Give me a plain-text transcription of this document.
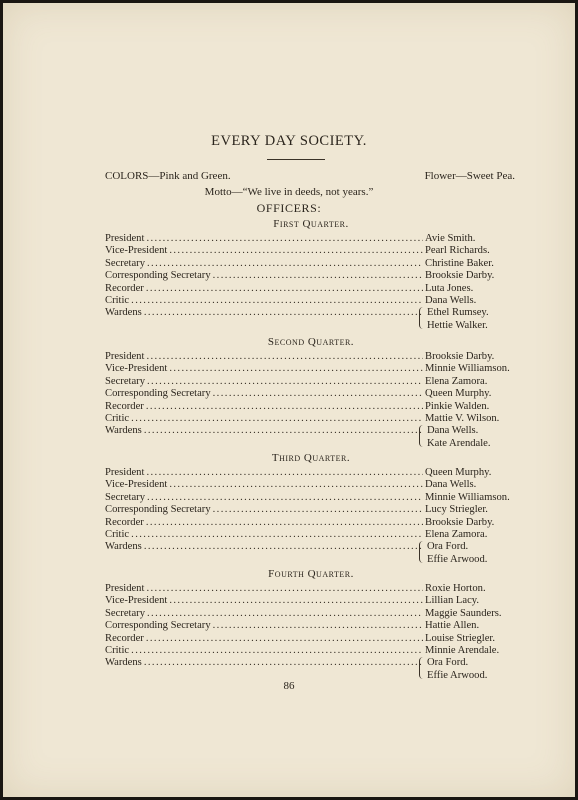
EVERY DAY SOCIETY.
COLORS—Pink and Green.	Flower—Sweet Pea.
Motto—“We live in deeds, not years.”
OFFICERS:
First Quarter.
President .....	Avie Smith.
Vice-President .....	Pearl Richards.
Secretary .....	Christine Baker.
Corresponding Secretary .....	Brooksie Darby.
Recorder .....	Luta Jones.
Critic .....	Dana Wells.
Wardens .....	Ethel Rumsey.
Hettie Walker.
Second Quarter.
President .....	Brooksie Darby.
Vice-President .....	Minnie Williamson.
Secretary .....	Elena Zamora.
Corresponding Secretary .....	Queen Murphy.
Recorder .....	Pinkie Walden.
Critic .....	Mattie V. Wilson.
Wardens .....	Dana Wells.
Kate Arendale.
Third Quarter.
President .....	Queen Murphy.
Vice-President .....	Dana Wells.
Secretary .....	Minnie Williamson.
Corresponding Secretary .....	Lucy Striegler.
Recorder .....	Brooksie Darby.
Critic .....	Elena Zamora.
Wardens .....	Ora Ford.
Effie Arwood.
Fourth Quarter.
President .....	Roxie Horton.
Vice-President .....	Lillian Lacy.
Secretary .....	Maggie Saunders.
Corresponding Secretary .....	Hattie Allen.
Recorder .....	Louise Striegler.
Critic .....	Minnie Arendale.
Wardens .....	Ora Ford.
Effie Arwood.
86
